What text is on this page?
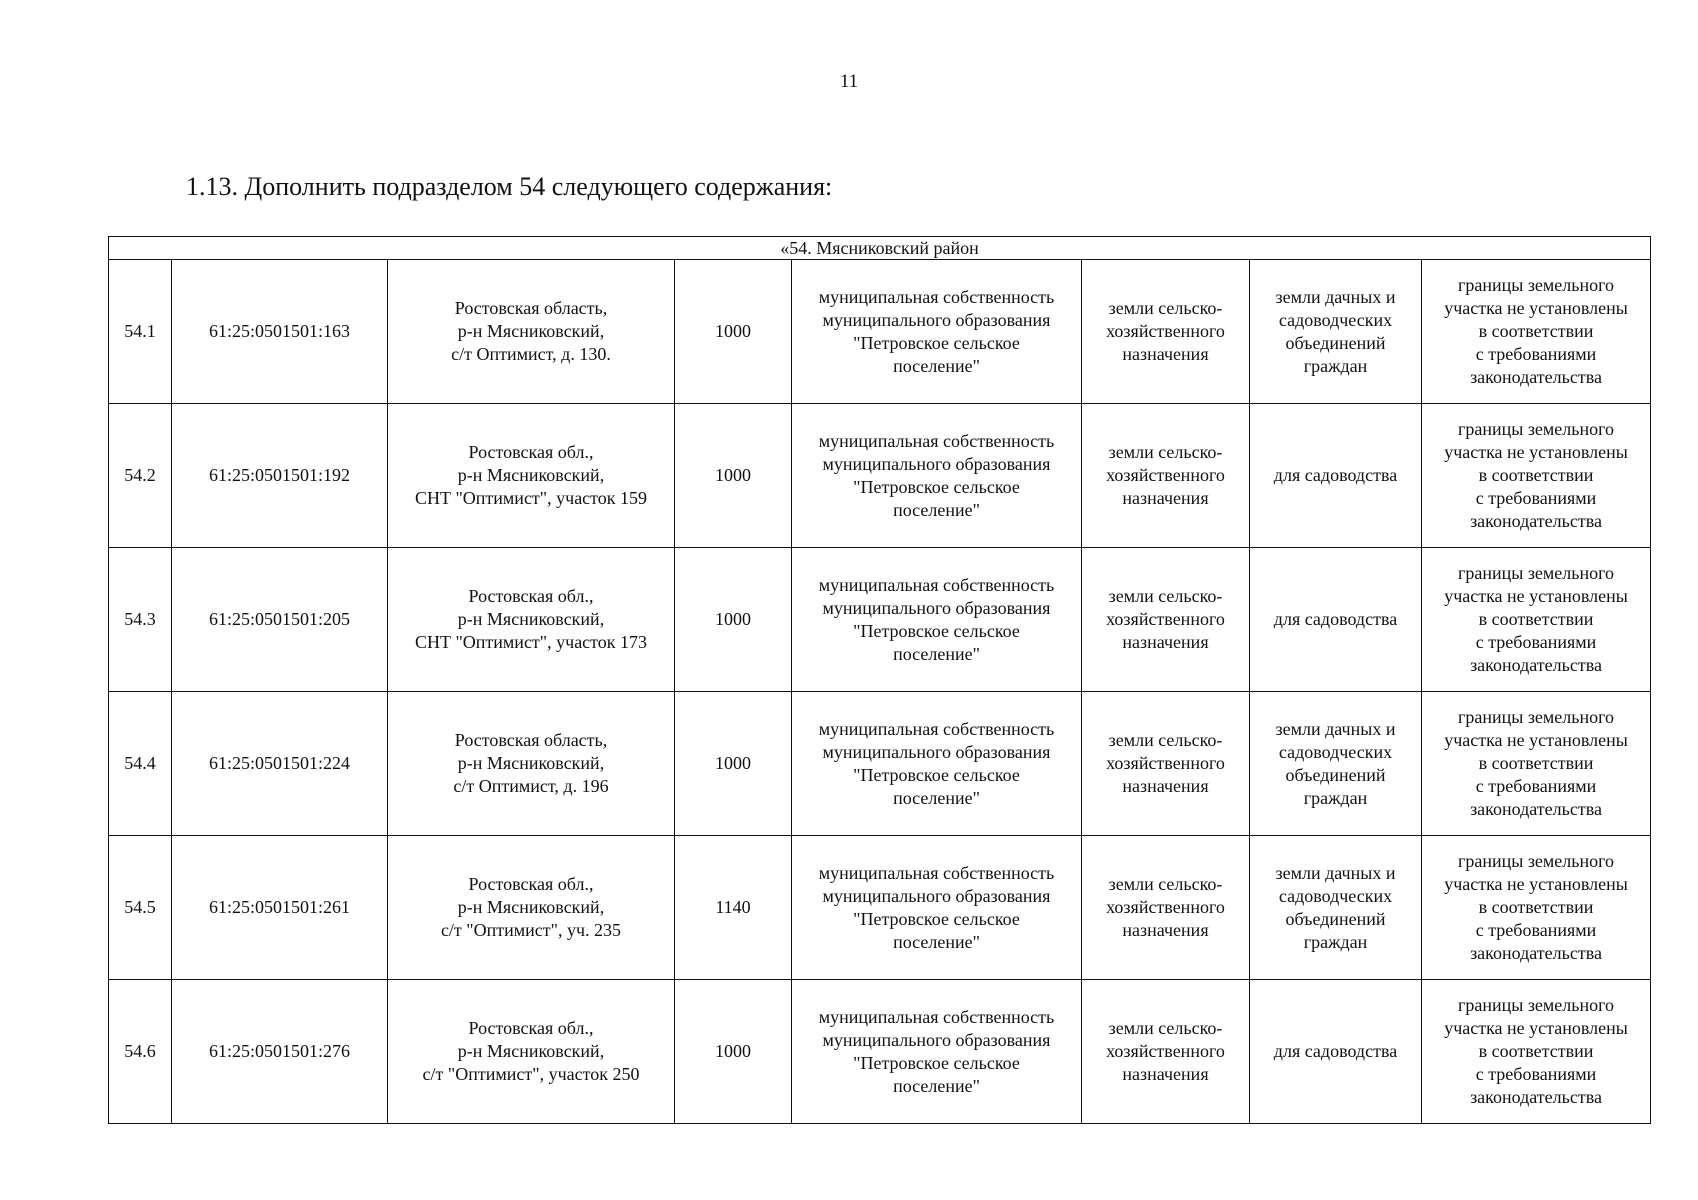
11
1.13. Дополнить подразделом 54 следующего содержания:
«54. Мясниковский район							
54.1	61:25:0501501:163	Ростовская область,
р-н Мясниковский,
с/т Оптимист, д. 130.	1000	муниципальная собственность
муниципального образования
"Петровское сельское
поселение"	земли сельско-
хозяйственного
назначения	земли дачных и
садоводческих
объединений
граждан	границы земельного
участка не установлены
в соответствии
с требованиями
законодательства

54.2	61:25:0501501:192	Ростовская обл.,
р-н Мясниковский,
СНТ "Оптимист", участок 159	1000	муниципальная собственность
муниципального образования
"Петровское сельское
поселение"	земли сельско-
хозяйственного
назначения	для садоводства	границы земельного
участка не установлены
в соответствии
с требованиями
законодательства

54.3	61:25:0501501:205	Ростовская обл.,
р-н Мясниковский,
СНТ "Оптимист", участок 173	1000	муниципальная собственность
муниципального образования
"Петровское сельское
поселение"	земли сельско-
хозяйственного
назначения	для садоводства	границы земельного
участка не установлены
в соответствии
с требованиями
законодательства

54.4	61:25:0501501:224	Ростовская область,
р-н Мясниковский,
с/т Оптимист, д. 196	1000	муниципальная собственность
муниципального образования
"Петровское сельское
поселение"	земли сельско-
хозяйственного
назначения	земли дачных и
садоводческих
объединений
граждан	границы земельного
участка не установлены
в соответствии
с требованиями
законодательства

54.5	61:25:0501501:261	Ростовская обл.,
р-н Мясниковский,
с/т "Оптимист", уч. 235	1140	муниципальная собственность
муниципального образования
"Петровское сельское
поселение"	земли сельско-
хозяйственного
назначения	земли дачных и
садоводческих
объединений
граждан	границы земельного
участка не установлены
в соответствии
с требованиями
законодательства

54.6	61:25:0501501:276	Ростовская обл.,
р-н Мясниковский,
с/т "Оптимист", участок 250	1000	муниципальная собственность
муниципального образования
"Петровское сельское
поселение"	земли сельско-
хозяйственного
назначения	для садоводства	границы земельного
участка не установлены
в соответствии
с требованиями
законодательства
